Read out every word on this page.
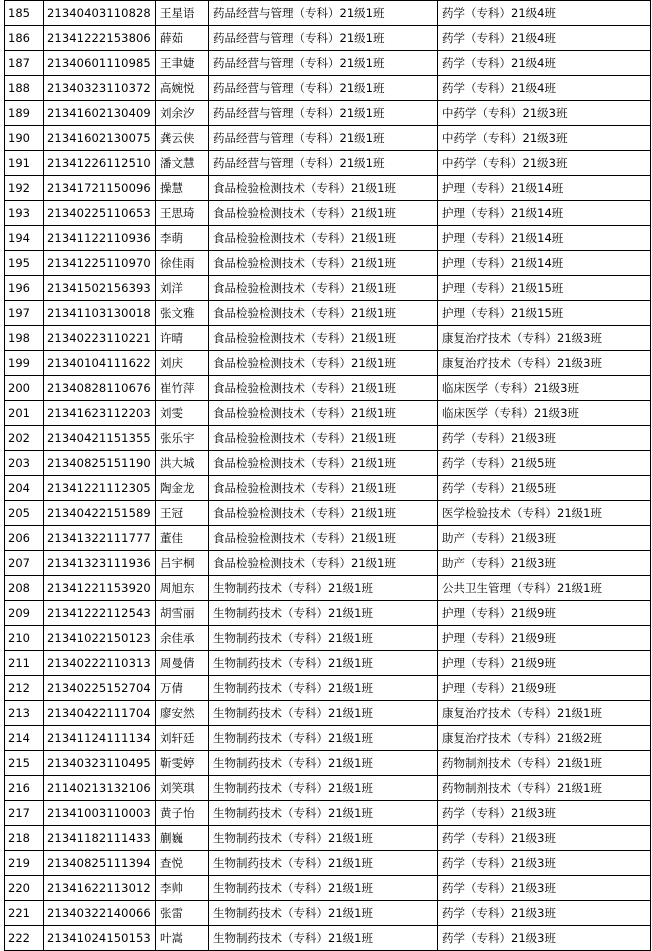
185	21340403110828	王星语	药品经营与管理（专科）21级1班	药学（专科）21级4班
186	21341222153806	薛茹	药品经营与管理（专科）21级1班	药学（专科）21级4班
187	21340601110985	王聿婕	药品经营与管理（专科）21级1班	药学（专科）21级4班
188	21340323110372	高婉悦	药品经营与管理（专科）21级1班	药学（专科）21级4班
189	21341602130409	刘余汐	药品经营与管理（专科）21级1班	中药学（专科）21级3班
190	21341602130075	龚云侠	药品经营与管理（专科）21级1班	中药学（专科）21级3班
191	21341226112510	潘文慧	药品经营与管理（专科）21级1班	中药学（专科）21级3班
192	21341721150096	操慧	食品检验检测技术（专科）21级1班	护理（专科）21级14班
193	21340225110653	王思琦	食品检验检测技术（专科）21级1班	护理（专科）21级14班
194	21341122110936	李萌	食品检验检测技术（专科）21级1班	护理（专科）21级14班
195	21341225110970	徐佳雨	食品检验检测技术（专科）21级1班	护理（专科）21级14班
196	21341502156393	刘洋	食品检验检测技术（专科）21级1班	护理（专科）21级15班
197	21341103130018	张文雅	食品检验检测技术（专科）21级1班	护理（专科）21级15班
198	21340223110221	许晴	食品检验检测技术（专科）21级1班	康复治疗技术（专科）21级3班
199	21340104111622	刘庆	食品检验检测技术（专科）21级1班	康复治疗技术（专科）21级3班
200	21340828110676	崔竹萍	食品检验检测技术（专科）21级1班	临床医学（专科）21级3班
201	21341623112203	刘雯	食品检验检测技术（专科）21级1班	临床医学（专科）21级3班
202	21340421151355	张乐宇	食品检验检测技术（专科）21级1班	药学（专科）21级3班
203	21340825151190	洪大城	食品检验检测技术（专科）21级1班	药学（专科）21级5班
204	21341221112305	陶金龙	食品检验检测技术（专科）21级1班	药学（专科）21级5班
205	21340422151589	王冠	食品检验检测技术（专科）21级1班	医学检验技术（专科）21级1班
206	21341322111777	董佳	食品检验检测技术（专科）21级1班	助产（专科）21级3班
207	21341323111936	吕宇桐	食品检验检测技术（专科）21级1班	助产（专科）21级3班
208	21341221153920	周旭东	生物制药技术（专科）21级1班	公共卫生管理（专科）21级1班
209	21341222112543	胡雪丽	生物制药技术（专科）21级1班	护理（专科）21级9班
210	21341022150123	余佳承	生物制药技术（专科）21级1班	护理（专科）21级9班
211	21340222110313	周曼倩	生物制药技术（专科）21级1班	护理（专科）21级9班
212	21340225152704	万倩	生物制药技术（专科）21级1班	护理（专科）21级9班
213	21340422111704	廖安然	生物制药技术（专科）21级1班	康复治疗技术（专科）21级1班
214	21341124111134	刘轩廷	生物制药技术（专科）21级1班	康复治疗技术（专科）21级2班
215	21340323110495	靳雯婷	生物制药技术（专科）21级1班	药物制剂技术（专科）21级1班
216	21140213132106	刘笑琪	生物制药技术（专科）21级1班	药物制剂技术（专科）21级1班
217	21341003110003	黄子怡	生物制药技术（专科）21级1班	药学（专科）21级3班
218	21341182111433	蒯巍	生物制药技术（专科）21级1班	药学（专科）21级3班
219	21340825111394	查悦	生物制药技术（专科）21级1班	药学（专科）21级3班
220	21341622113012	李帅	生物制药技术（专科）21级1班	药学（专科）21级3班
221	21340322140066	张雷	生物制药技术（专科）21级1班	药学（专科）21级3班
222	21341024150153	叶嵩	生物制药技术（专科）21级1班	药学（专科）21级3班
